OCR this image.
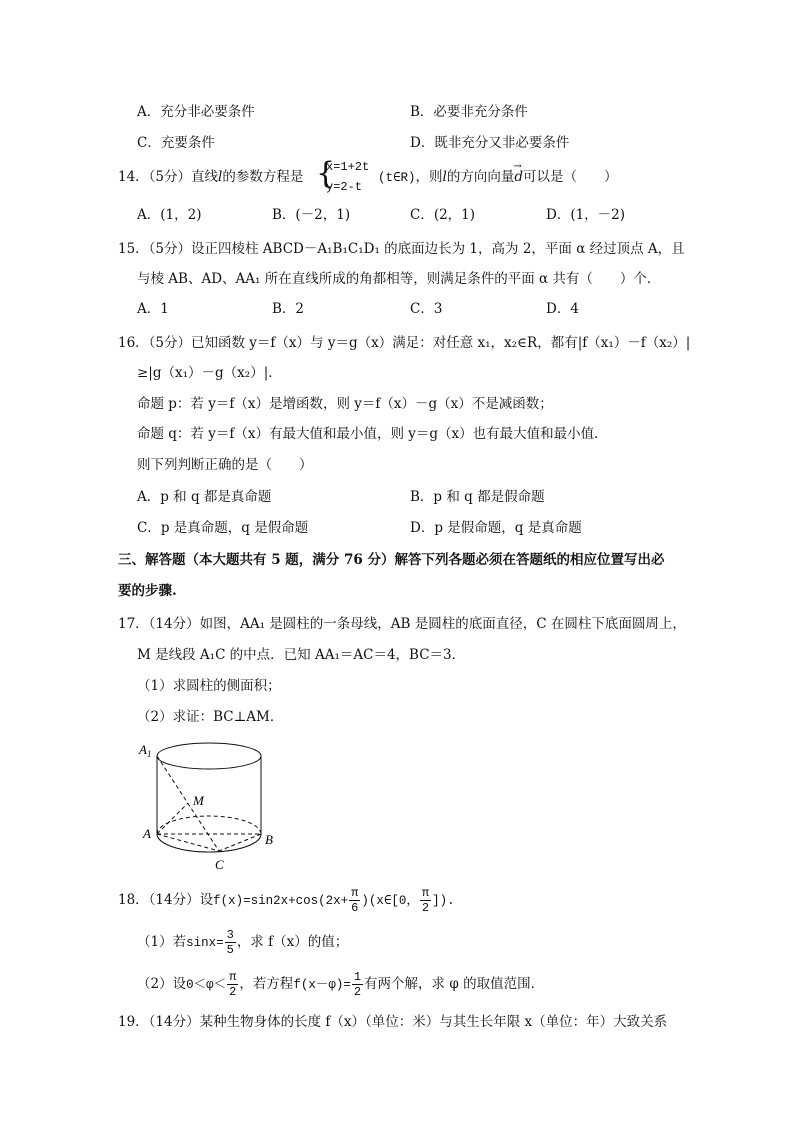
A．充分非必要条件	B．必要非充分条件
C．充要条件	D．既非充分又非必要条件
14．（5分）直线l的参数方程是 {
x=1+2t
y=2-t
(t∈R)，则l的方向向量→ d可以是（　　）
A．(1，2)	B．(－2，1)	C．(2，1)	D．(1，－2)
15．（5分）设正四棱柱 ABCD－A₁B₁C₁D₁ 的底面边长为 1，高为 2，平面 α 经过顶点 A，且
与棱 AB、AD、AA₁ 所在直线所成的角都相等，则满足条件的平面 α 共有（　　）个．
A．1	B．2	C．3	D．4
16．（5分）已知函数 y＝f（x）与 y＝g（x）满足：对任意 x₁，x₂∈R，都有|f（x₁）－f（x₂）|
≥|g（x₁）－g（x₂）|．
命题 p：若 y＝f（x）是增函数，则 y＝f（x）－g（x）不是减函数；
命题 q：若 y＝f（x）有最大值和最小值，则 y＝g（x）也有最大值和最小值．
则下列判断正确的是（　　）
A．p 和 q 都是真命题	B．p 和 q 都是假命题
C．p 是真命题，q 是假命题	D．p 是假命题，q 是真命题
三、解答题（本大题共有 5 题，满分 76 分）解答下列各题必须在答题纸的相应位置写出必
要的步骤.
17．（14分）如图，AA₁ 是圆柱的一条母线，AB 是圆柱的底面直径，C 在圆柱下底面圆周上，
M 是线段 A₁C 的中点．已知 AA₁＝AC＝4，BC＝3．
（1）求圆柱的侧面积；
（2）求证：BC⊥AM．
$A_1$
M
A	B
C
18．（14分）设$f(x)=\sin 2x+\cos(2x+ \frac{\pi}{6}$ )(x∈[0， $\frac{\pi}{2}$ ]).
（1）若$\sin x= \frac{3}{5}$ ，求 f（x）的值；
（2）设$0<\varphi< \frac{\pi}{2}$ ，若方程$f(x-\varphi)= \frac{1}{2}$ 有两个解，求 φ 的取值范围．
19．（14分）某种生物身体的长度 f（x）（单位：米）与其生长年限 x（单位：年）大致关系
